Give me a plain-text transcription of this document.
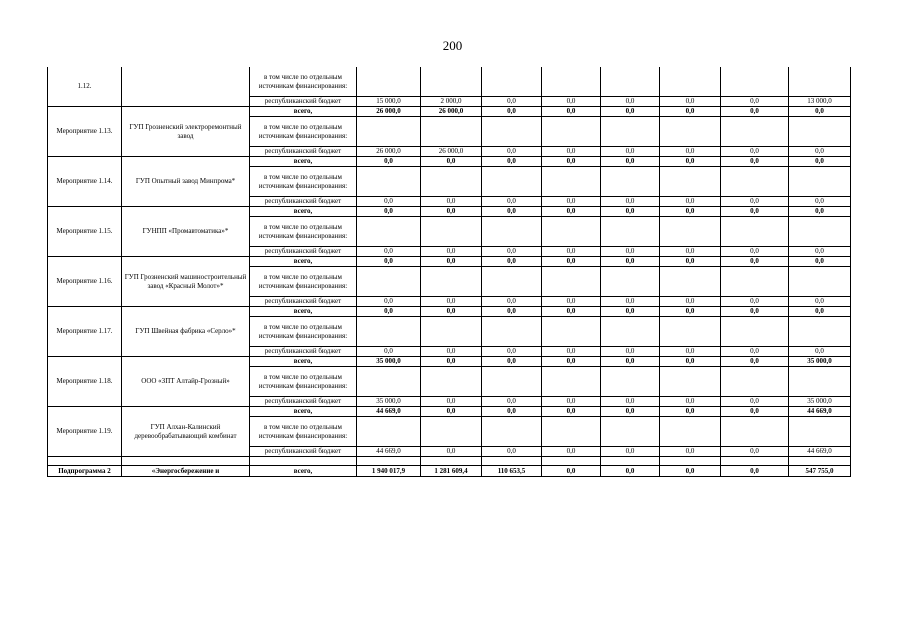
200
1.12.		в том числе по отдельным источникам финансирования:								
		республиканский бюджет	15 000,0	2 000,0	0,0	0,0	0,0	0,0	0,0	13 000,0
Мероприятие 1.13.	ГУП Грозненский электроремонтный завод	всего,	26 000,0	26 000,0	0,0	0,0	0,0	0,0	0,0	0,0
		в том числе по отдельным источникам финансирования:								
		республиканский бюджет	26 000,0	26 000,0	0,0	0,0	0,0	0,0	0,0	0,0
Мероприятие 1.14.	ГУП Опытный завод Минпрома*	всего,	0,0	0,0	0,0	0,0	0,0	0,0	0,0	0,0
		в том числе по отдельным источникам финансирования:								
		республиканский бюджет	0,0	0,0	0,0	0,0	0,0	0,0	0,0	0,0
Мероприятие 1.15.	ГУНПП «Промавтоматика»*	всего,	0,0	0,0	0,0	0,0	0,0	0,0	0,0	0,0
		в том числе по отдельным источникам финансирования:								
		республиканский бюджет	0,0	0,0	0,0	0,0	0,0	0,0	0,0	0,0
Мероприятие 1.16.	ГУП Грозненский машиностроительный завод «Красный Молот»*	всего,	0,0	0,0	0,0	0,0	0,0	0,0	0,0	0,0
		в том числе по отдельным источникам финансирования:								
		республиканский бюджет	0,0	0,0	0,0	0,0	0,0	0,0	0,0	0,0
Мероприятие 1.17.	ГУП Швейная фабрика «Серло»*	всего,	0,0	0,0	0,0	0,0	0,0	0,0	0,0	0,0
		в том числе по отдельным источникам финансирования:								
		республиканский бюджет	0,0	0,0	0,0	0,0	0,0	0,0	0,0	0,0
Мероприятие 1.18.	ООО «ЗПТ Алтайр-Грозный»	всего,	35 000,0	0,0	0,0	0,0	0,0	0,0	0,0	35 000,0
		в том числе по отдельным источникам финансирования:								
		республиканский бюджет	35 000,0	0,0	0,0	0,0	0,0	0,0	0,0	35 000,0
Мероприятие 1.19.	ГУП Алхан-Калинский деревообрабатывающий комбинат	всего,	44 669,0	0,0	0,0	0,0	0,0	0,0	0,0	44 669,0
		в том числе по отдельным источникам финансирования:								
		республиканский бюджет	44 669,0	0,0	0,0	0,0	0,0	0,0	0,0	44 669,0

Подпрограмма 2	«Энергосбережение и	всего,	1 940 017,9	1 281 609,4	110 653,5	0,0	0,0	0,0	0,0	547 755,0
